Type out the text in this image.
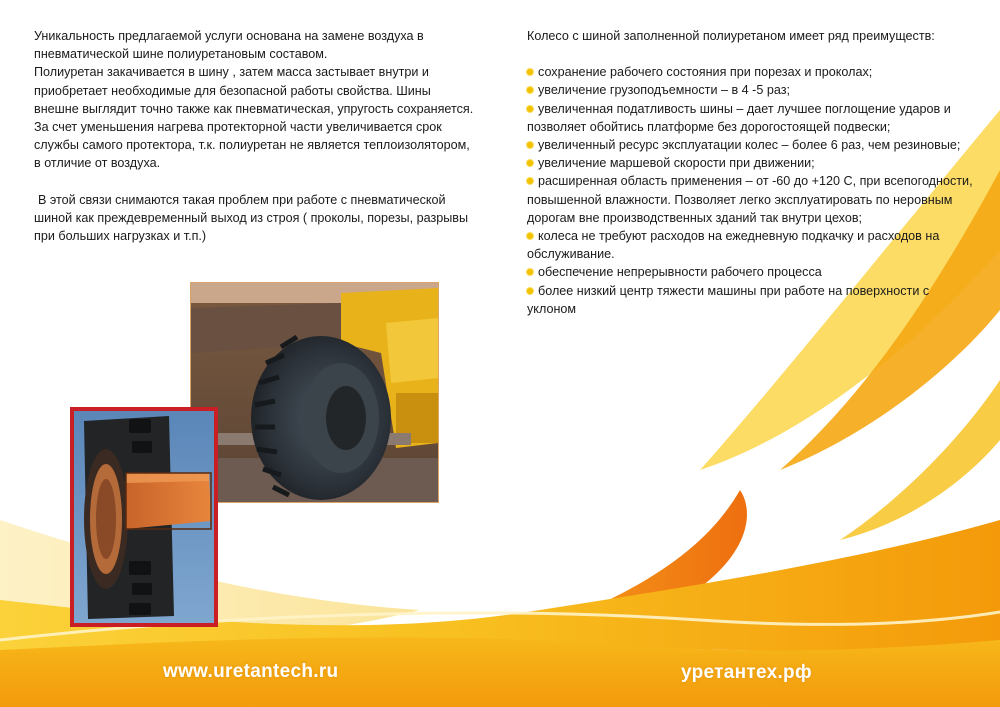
Уникальность предлагаемой услуги основана на замене воздуха в пневматической шине полиуретановым составом.

Полиуретан закачивается в шину , затем масса застывает внутри и приобретает необходимые для безопасной работы свойства. Шины внешне выглядит точно также как пневматическая, упругость сохраняется. За счет уменьшения нагрева протекторной части увеличивается срок службы самого протектора, т.к. полиуретан не является теплоизолятором, в отличие от воздуха.

В этой связи снимаются такая проблем при работе с пневматической шиной как преждевременный выход из строя ( проколы, порезы, разрывы при больших нагрузках и т.п.)

Колесо с шиной заполненной полиуретаном имеет ряд преимуществ:

сохранение рабочего состояния при порезах и проколах;
увеличение грузоподъемности – в 4 -5 раз;
увеличенная податливость шины – дает лучшее поглощение ударов и позволяет обойтись платформе без дорогостоящей подвески;
увеличенный ресурс эксплуатации колес – более 6 раз, чем резиновые;
увеличение маршевой скорости при движении;
расширенная область применения – от -60 до +120 С, при всепогодности, повышенной влажности. Позволяет легко эксплуатировать по неровным дорогам вне производственных зданий так внутри цехов;
колеса не требуют расходов на ежедневную подкачку и расходов на обслуживание.
обеспечение непрерывности рабочего процесса
более низкий центр тяжести машины при работе на поверхности с уклоном
www.uretantech.ru	уретантех.рф
